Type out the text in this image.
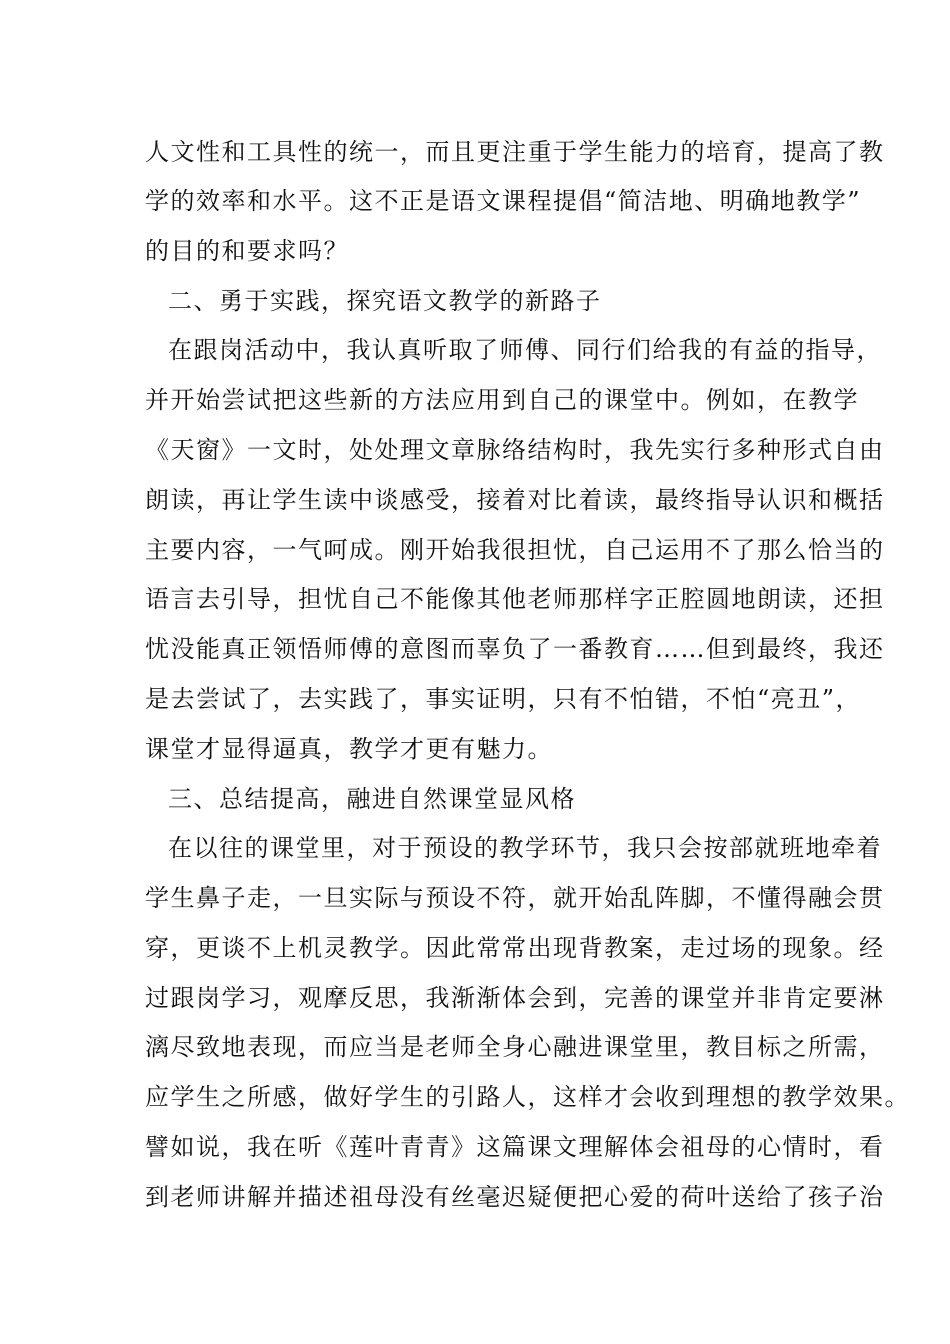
人文性和工具性的统一，而且更注重于学生能力的培育，提高了教
学的效率和水平。这不正是语文课程提倡“简洁地、明确地教学”
的目的和要求吗？
二、勇于实践，探究语文教学的新路子
在跟岗活动中，我认真听取了师傅、同行们给我的有益的指导，
并开始尝试把这些新的方法应用到自己的课堂中。例如，在教学
《天窗》一文时，处处理文章脉络结构时，我先实行多种形式自由
朗读，再让学生读中谈感受，接着对比着读，最终指导认识和概括
主要内容，一气呵成。刚开始我很担忧，自己运用不了那么恰当的
语言去引导，担忧自己不能像其他老师那样字正腔圆地朗读，还担
忧没能真正领悟师傅的意图而辜负了一番教育……但到最终，我还
是去尝试了，去实践了，事实证明，只有不怕错，不怕“亮丑”，
课堂才显得逼真，教学才更有魅力。
三、总结提高，融进自然课堂显风格
在以往的课堂里，对于预设的教学环节，我只会按部就班地牵着
学生鼻子走，一旦实际与预设不符，就开始乱阵脚，不懂得融会贯
穿，更谈不上机灵教学。因此常常出现背教案，走过场的现象。经
过跟岗学习，观摩反思，我渐渐体会到，完善的课堂并非肯定要淋
漓尽致地表现，而应当是老师全身心融进课堂里，教目标之所需，
应学生之所感，做好学生的引路人，这样才会收到理想的教学效果。
譬如说，我在听《莲叶青青》这篇课文理解体会祖母的心情时，看
到老师讲解并描述祖母没有丝毫迟疑便把心爱的荷叶送给了孩子治
